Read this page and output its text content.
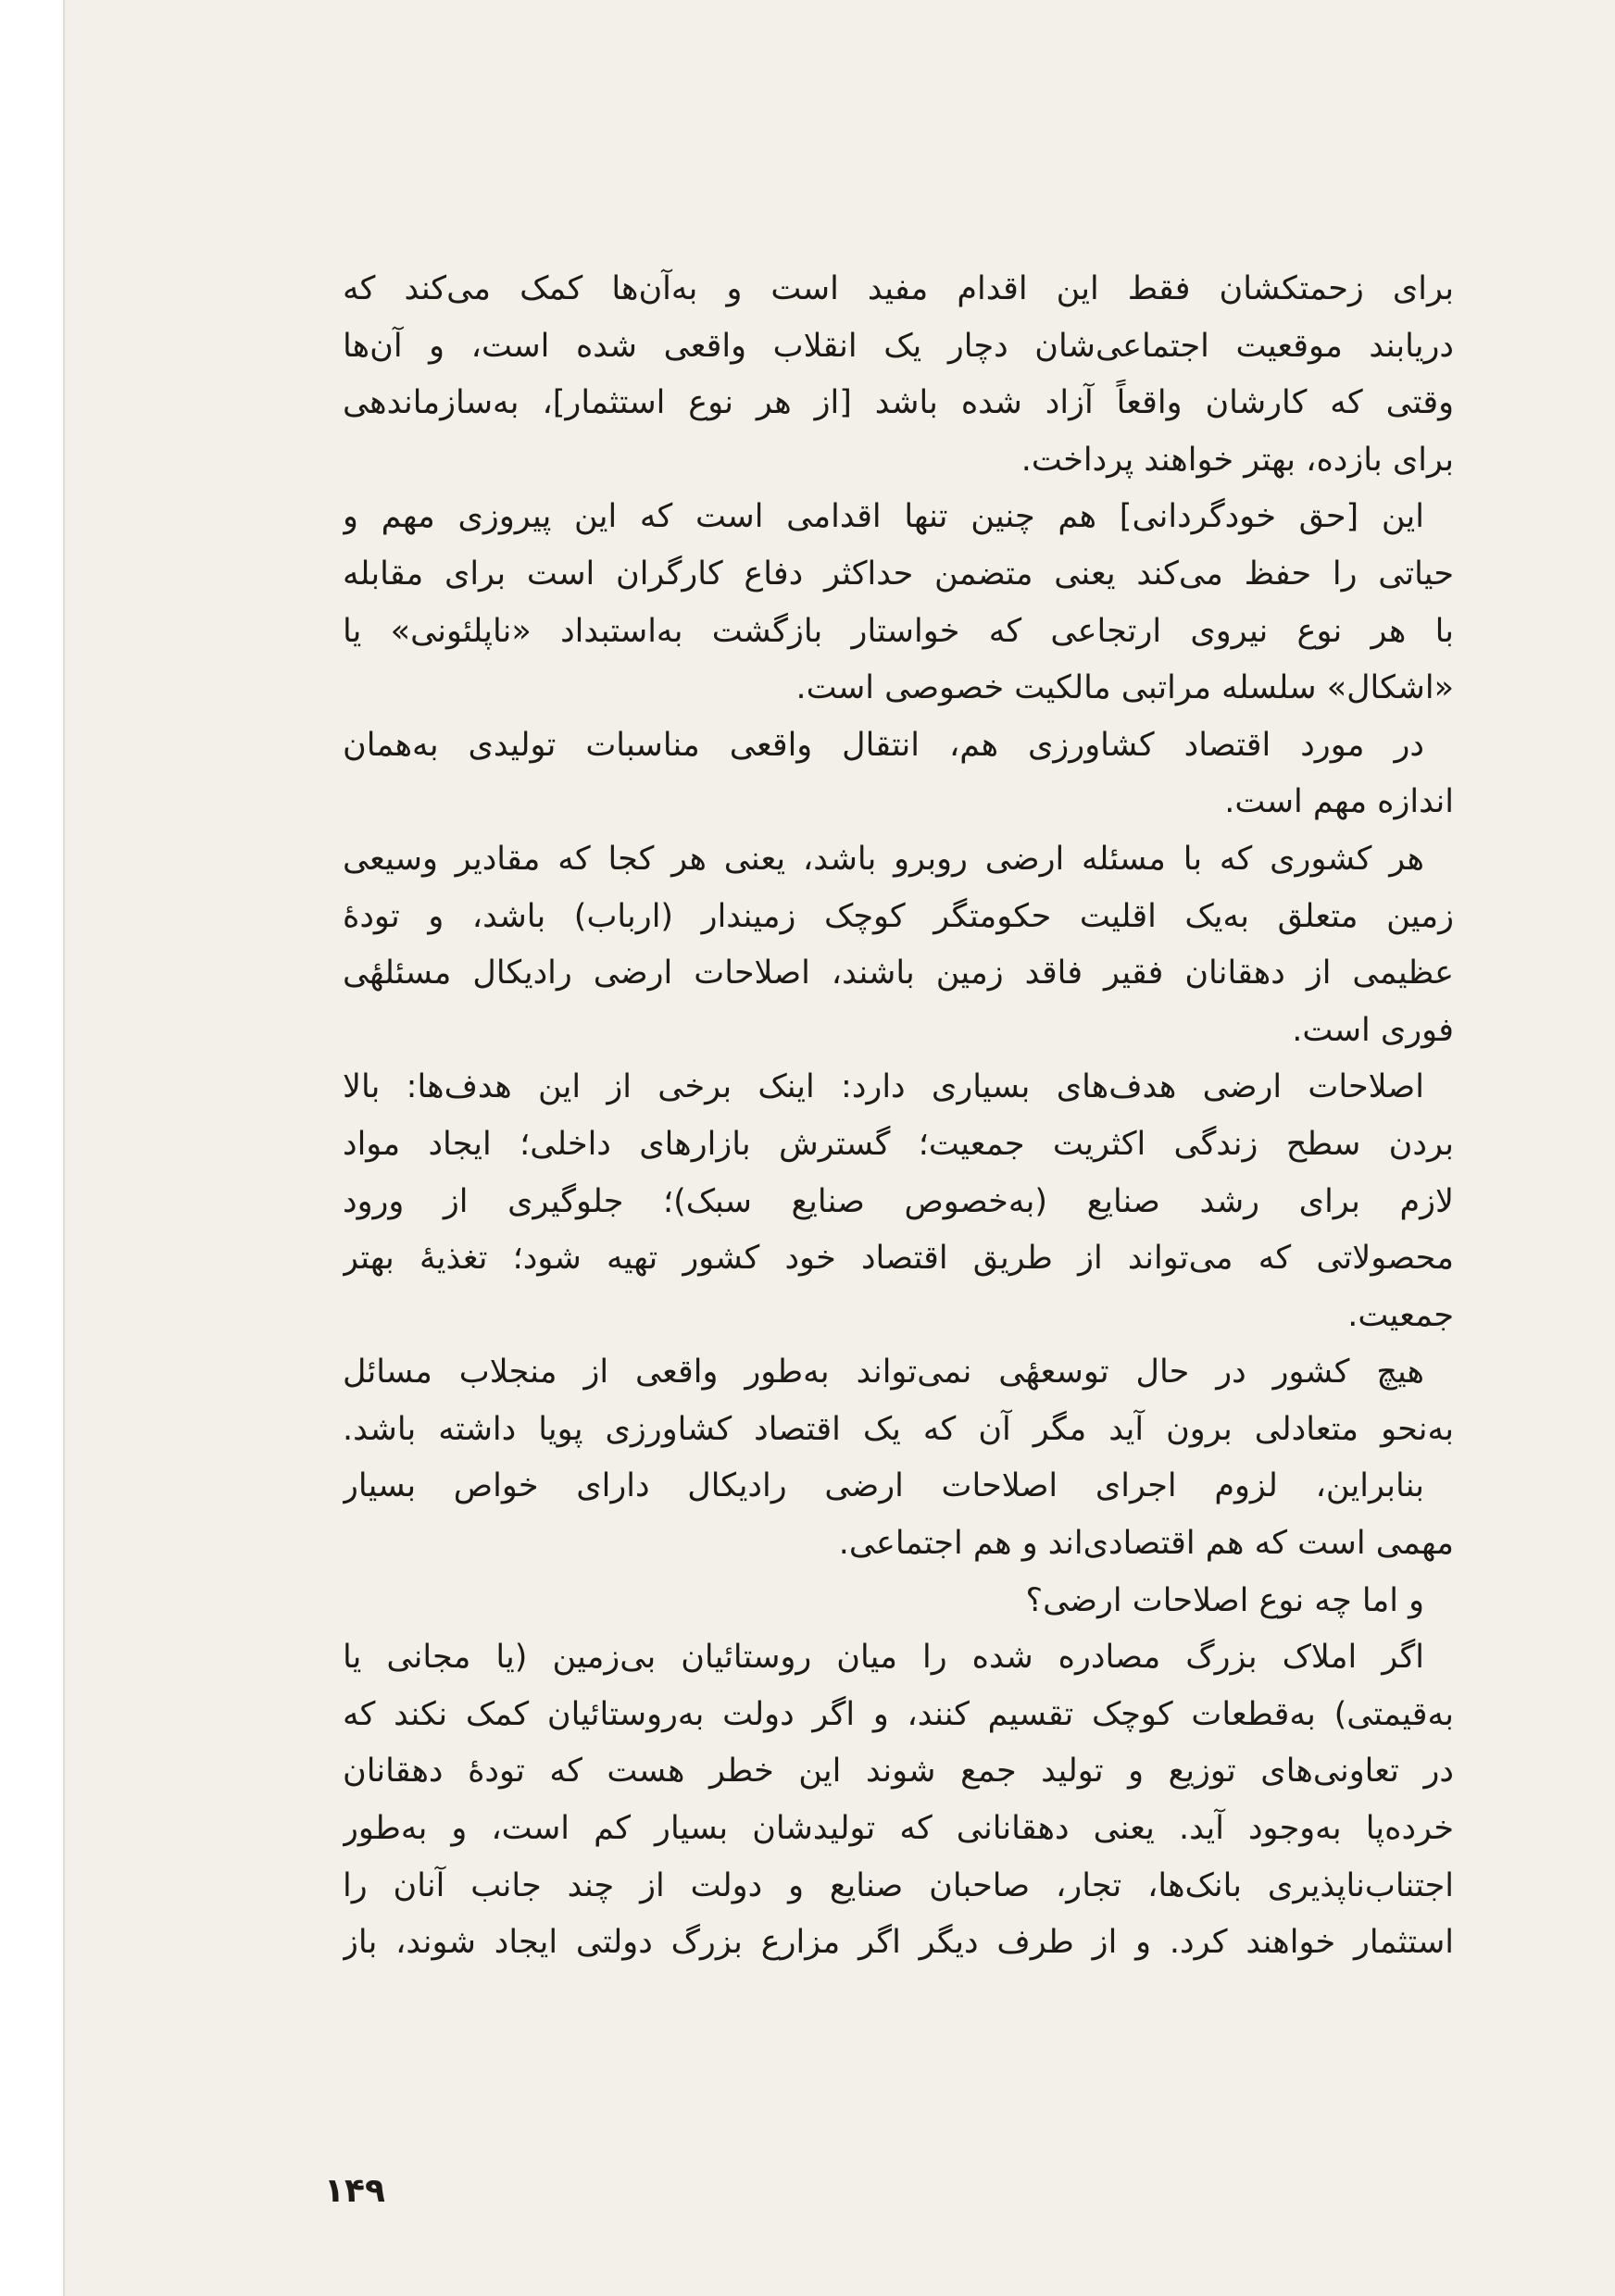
برای زحمتکشان فقط این اقدام مفید است و به‌آن‌ها کمک می‌کند که
دریابند موقعیت اجتماعی‌شان دچار یک انقلاب واقعی شده است، و آن‌ها
وقتی که کارشان واقعاً آزاد شده باشد [از هر نوع استثمار]، به‌سازماندهی
برای بازده، بهتر خواهند پرداخت.
این [حق خودگردانی] هم چنین تنها اقدامی است که این پیروزی مهم و
حیاتی را حفظ می‌کند یعنی متضمن حداکثر دفاع کارگران است برای مقابله
با هر نوع نیروی ارتجاعی که خواستار بازگشت به‌استبداد «ناپلئونی» یا
«اشکال» سلسله مراتبی مالکیت خصوصی است.
در مورد اقتصاد کشاورزی هم، انتقال واقعی مناسبات تولیدی به‌همان
اندازه مهم است.
هر کشوری که با مسئله ارضی روبرو باشد، یعنی هر کجا که مقادیر وسیعی
زمین متعلق به‌یک اقلیت حکومتگر کوچک زمیندار (ارباب) باشد، و تودهٔ
عظیمی از دهقانان فقیر فاقد زمین باشند، اصلاحات ارضی رادیکال مسئلهٔی
فوری است.
اصلاحات ارضی هدف‌های بسیاری دارد: اینک برخی از این هدف‌ها: بالا
بردن سطح زندگی اکثریت جمعیت؛ گسترش بازارهای داخلی؛ ایجاد مواد
لازم برای رشد صنایع (به‌خصوص صنایع سبک)؛ جلوگیری از ورود
محصولاتی که می‌تواند از طریق اقتصاد خود کشور تهیه شود؛ تغذیهٔ بهتر
جمعیت.
هیچ کشور در حال توسعهٔی نمی‌تواند به‌طور واقعی از منجلاب مسائل
به‌نحو متعادلی برون آید مگر آن که یک اقتصاد کشاورزی پویا داشته باشد.
بنابراین، لزوم اجرای اصلاحات ارضی رادیکال دارای خواص بسیار
مهمی است که هم اقتصادی‌اند و هم اجتماعی.
و اما چه نوع اصلاحات ارضی؟
اگر املاک بزرگ مصادره شده را میان روستائیان بی‌زمین (یا مجانی یا
به‌قیمتی) به‌قطعات کوچک تقسیم کنند، و اگر دولت به‌روستائیان کمک نکند که
در تعاونی‌های توزیع و تولید جمع شوند این خطر هست که تودهٔ دهقانان
خرده‌پا به‌وجود آید. یعنی دهقانانی که تولیدشان بسیار کم است، و به‌طور
اجتناب‌ناپذیری بانک‌ها، تجار، صاحبان صنایع و دولت از چند جانب آنان را
استثمار خواهند کرد. و از طرف دیگر اگر مزارع بزرگ دولتی ایجاد شوند، باز
۱۴۹
